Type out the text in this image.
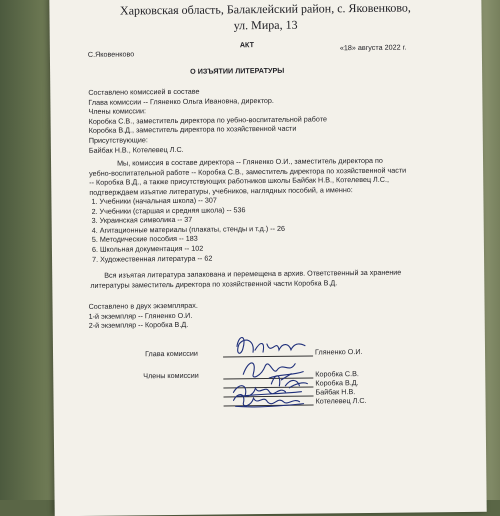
Харковская область, Балаклейский район, с. Яковенково,
ул. Мира, 13
АКТ
С.Яковенково
«18» августа 2022 г.
О ИЗЪЯТИИ ЛИТЕРАТУРЫ
Составлено комиссией в составе
Глава комиссии -- Гляненко Ольга Ивановна, директор.
Члены комиссии:
Коробка С.В., заместитель директора по уебно-воспитательной работе
Коробка В.Д., заместитель директора по хозяйственной части
Присутствующие:
Байбак Н.В., Котелевец Л.С.
Мы, комиссия в составе директора -- Гляненко О.И., заместитель директора по
уебно-воспитательной работе -- Коробка С.В., заместитель директора по хозяйственной части
-- Коробка В.Д., а также присутствующих работников школы Байбак Н.В., Котелевец Л.С.,
подтверждаем изъятие литературы, учебников, наглядных пособий, а именно:
1. Учебники (начальная школа) -- 307
2. Учебники (старшая и средняя школа) -- 536
3. Украинская символика -- 37
4. Агитационные материалы (плакаты, стенды и т.д.) -- 26
5. Методические пособия -- 183
6. Школьная документация -- 102
7. Художественная литература -- 62
Вся изъятая литература запакована и перемещена в архив. Ответственный за хранение
литературы заместитель директора по хозяйственной части Коробка В.Д.
Составлено в двух экземплярах.
1-й экземпляр -- Гляненко О.И.
2-й экземпляр -- Коробка В.Д.
Глава комиссии	Гляненко О.И.
Члены комиссии	Коробка С.В.
Коробка В.Д.
Байбак Н.В.
Котелевец Л.С.
